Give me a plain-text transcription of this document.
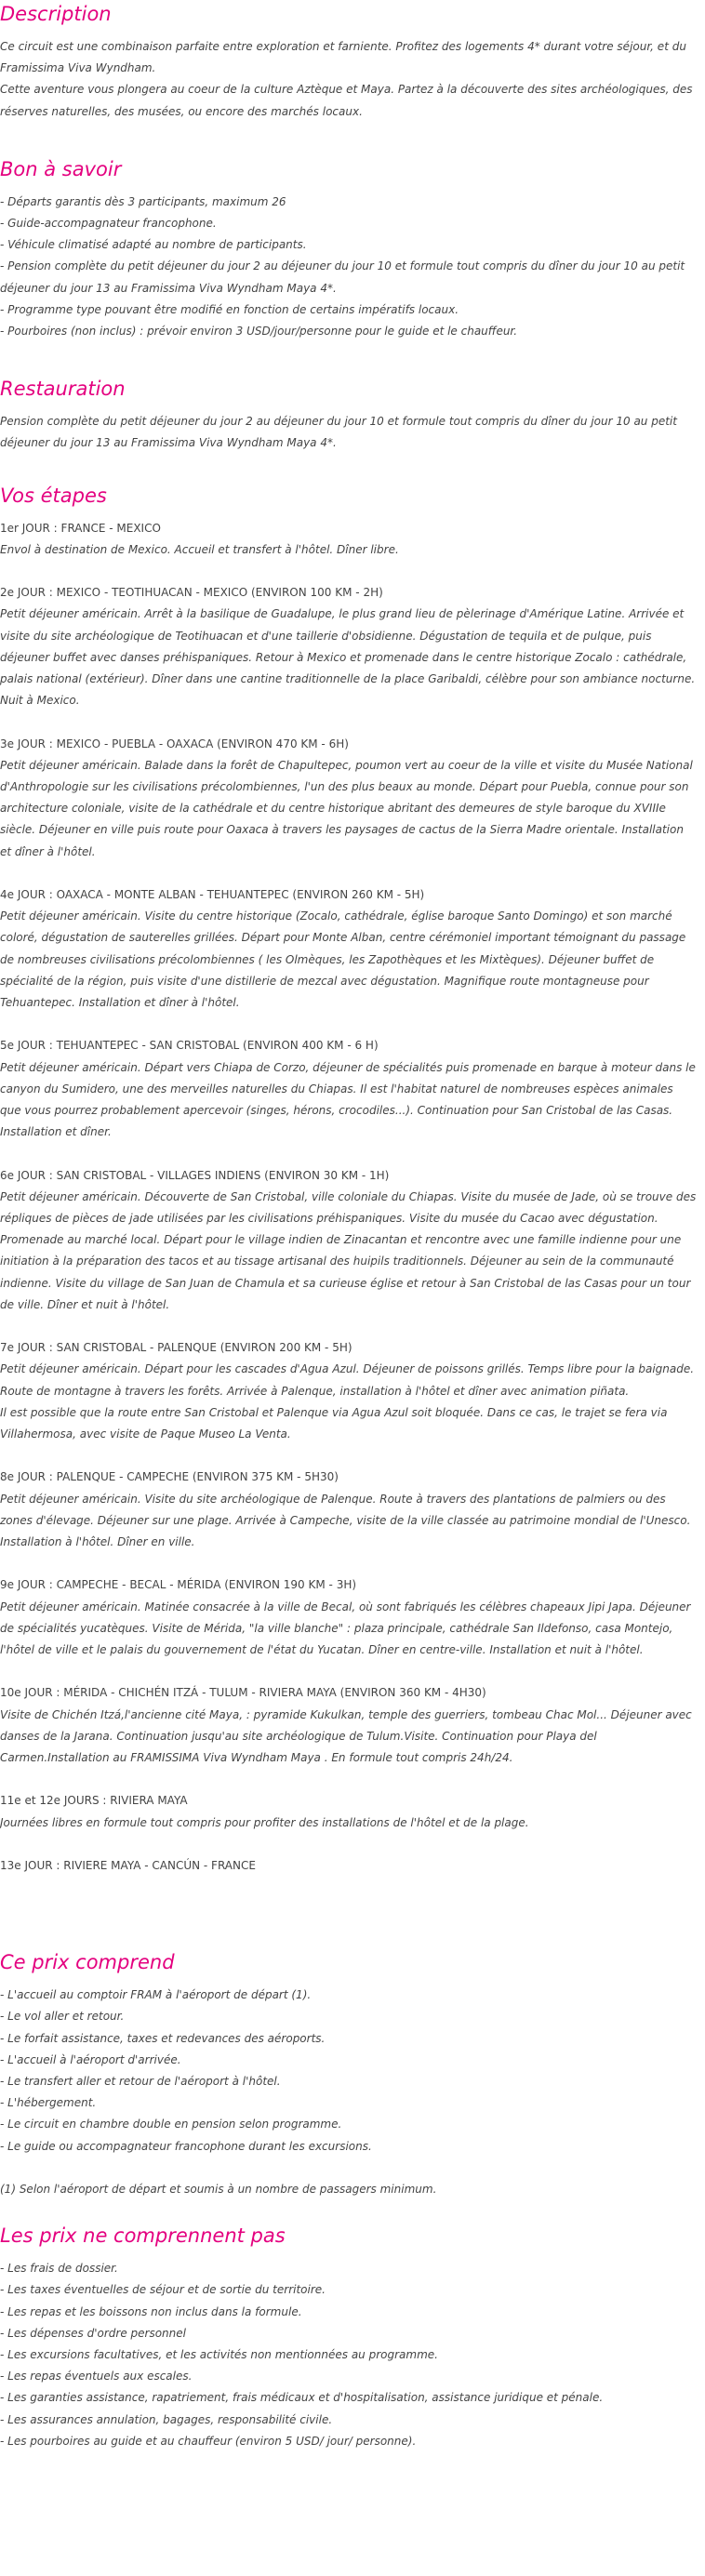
Description

Ce circuit est une combinaison parfaite entre exploration et farniente. Profitez des logements 4* durant votre séjour, et du Framissima Viva Wyndham.

Cette aventure vous plongera au coeur de la culture Aztèque et Maya. Partez à la découverte des sites archéologiques, des réserves naturelles, des musées, ou encore des marchés locaux.

Bon à savoir

- Départs garantis dès 3 participants, maximum 26

- Guide-accompagnateur francophone.

- Véhicule climatisé adapté au nombre de participants.

- Pension complète du petit déjeuner du jour 2 au déjeuner du jour 10 et formule tout compris du dîner du jour 10 au petit déjeuner du jour 13 au Framissima Viva Wyndham Maya 4*.

- Programme type pouvant être modifié en fonction de certains impératifs locaux.

- Pourboires (non inclus) : prévoir environ 3 USD/jour/personne pour le guide et le chauffeur.

Restauration

Pension complète du petit déjeuner du jour 2 au déjeuner du jour 10 et formule tout compris du dîner du jour 10 au petit déjeuner du jour 13 au Framissima Viva Wyndham Maya 4*.

Vos étapes

1er JOUR : FRANCE - MEXICO

Envol à destination de Mexico. Accueil et transfert à l'hôtel. Dîner libre.

2e JOUR : MEXICO - TEOTIHUACAN - MEXICO (ENVIRON 100 KM - 2H)

Petit déjeuner américain. Arrêt à la basilique de Guadalupe, le plus grand lieu de pèlerinage d'Amérique Latine. Arrivée et visite du site archéologique de Teotihuacan et d'une taillerie d'obsidienne. Dégustation de tequila et de pulque, puis déjeuner buffet avec danses préhispaniques. Retour à Mexico et promenade dans le centre historique Zocalo : cathédrale, palais national (extérieur). Dîner dans une cantine traditionnelle de la place Garibaldi, célèbre pour son ambiance nocturne. Nuit à Mexico.

3e JOUR : MEXICO - PUEBLA - OAXACA (ENVIRON 470 KM - 6H)

Petit déjeuner américain. Balade dans la forêt de Chapultepec, poumon vert au coeur de la ville et visite du Musée National d'Anthropologie sur les civilisations précolombiennes, l'un des plus beaux au monde. Départ pour Puebla, connue pour son architecture coloniale, visite de la cathédrale et du centre historique abritant des demeures de style baroque du XVIIIe siècle. Déjeuner en ville puis route pour Oaxaca à travers les paysages de cactus de la Sierra Madre orientale. Installation et dîner à l'hôtel.

4e JOUR : OAXACA - MONTE ALBAN - TEHUANTEPEC (ENVIRON 260 KM - 5H)

Petit déjeuner américain. Visite du centre historique (Zocalo, cathédrale, église baroque Santo Domingo) et son marché coloré, dégustation de sauterelles grillées. Départ pour Monte Alban, centre cérémoniel important témoignant du passage de nombreuses civilisations précolombiennes ( les Olmèques, les Zapothèques et les Mixtèques). Déjeuner buffet de spécialité de la région, puis visite d'une distillerie de mezcal avec dégustation. Magnifique route montagneuse pour Tehuantepec. Installation et dîner à l'hôtel.

5e JOUR : TEHUANTEPEC - SAN CRISTOBAL (ENVIRON 400 KM - 6 H)

Petit déjeuner américain. Départ vers Chiapa de Corzo, déjeuner de spécialités puis promenade en barque à moteur dans le canyon du Sumidero, une des merveilles naturelles du Chiapas. Il est l'habitat naturel de nombreuses espèces animales que vous pourrez probablement apercevoir (singes, hérons, crocodiles...). Continuation pour San Cristobal de las Casas. Installation et dîner.

6e JOUR : SAN CRISTOBAL - VILLAGES INDIENS (ENVIRON 30 KM - 1H)

Petit déjeuner américain. Découverte de San Cristobal, ville coloniale du Chiapas. Visite du musée de Jade, où se trouve des répliques de pièces de jade utilisées par les civilisations préhispaniques. Visite du musée du Cacao avec dégustation. Promenade au marché local. Départ pour le village indien de Zinacantan et rencontre avec une famille indienne pour une initiation à la préparation des tacos et au tissage artisanal des huipils traditionnels. Déjeuner au sein de la communauté indienne. Visite du village de San Juan de Chamula et sa curieuse église et retour à San Cristobal de las Casas pour un tour de ville. Dîner et nuit à l'hôtel.

7e JOUR : SAN CRISTOBAL - PALENQUE (ENVIRON 200 KM - 5H)

Petit déjeuner américain. Départ pour les cascades d'Agua Azul. Déjeuner de poissons grillés. Temps libre pour la baignade. Route de montagne à travers les forêts. Arrivée à Palenque, installation à l'hôtel et dîner avec animation piñata.

Il est possible que la route entre San Cristobal et Palenque via Agua Azul soit bloquée. Dans ce cas, le trajet se fera via Villahermosa, avec visite de Paque Museo La Venta.

8e JOUR : PALENQUE - CAMPECHE (ENVIRON 375 KM - 5H30)

Petit déjeuner américain. Visite du site archéologique de Palenque. Route à travers des plantations de palmiers ou des zones d'élevage. Déjeuner sur une plage. Arrivée à Campeche, visite de la ville classée au patrimoine mondial de l'Unesco. Installation à l'hôtel. Dîner en ville.

9e JOUR : CAMPECHE - BECAL - MÉRIDA (ENVIRON 190 KM - 3H)

Petit déjeuner américain. Matinée consacrée à la ville de Becal, où sont fabriqués les célèbres chapeaux Jipi Japa. Déjeuner de spécialités yucatèques. Visite de Mérida, "la ville blanche" : plaza principale, cathédrale San Ildefonso, casa Montejo, l'hôtel de ville et le palais du gouvernement de l'état du Yucatan. Dîner en centre-ville. Installation et nuit à l'hôtel.

10e JOUR : MÉRIDA - CHICHÉN ITZÁ - TULUM - RIVIERA MAYA (ENVIRON 360 KM - 4H30)

Visite de Chichén Itzá,l'ancienne cité Maya, : pyramide Kukulkan, temple des guerriers, tombeau Chac Mol... Déjeuner avec danses de la Jarana. Continuation jusqu'au site archéologique de Tulum.Visite. Continuation pour Playa del Carmen.Installation au FRAMISSIMA Viva Wyndham Maya . En formule tout compris 24h/24.

11e et 12e JOURS : RIVIERA MAYA

Journées libres en formule tout compris pour profiter des installations de l'hôtel et de la plage.

13e JOUR : RIVIERE MAYA - CANCÚN - FRANCE

Ce prix comprend

- L'accueil au comptoir FRAM à l'aéroport de départ (1).

- Le vol aller et retour.

- Le forfait assistance, taxes et redevances des aéroports.

- L'accueil à l'aéroport d'arrivée.

- Le transfert aller et retour de l'aéroport à l'hôtel.

- L'hébergement.

- Le circuit en chambre double en pension selon programme.

- Le guide ou accompagnateur francophone durant les excursions.

(1) Selon l'aéroport de départ et soumis à un nombre de passagers minimum.

Les prix ne comprennent pas

- Les frais de dossier.

- Les taxes éventuelles de séjour et de sortie du territoire.

- Les repas et les boissons non inclus dans la formule.

- Les dépenses d'ordre personnel

- Les excursions facultatives, et les activités non mentionnées au programme.

- Les repas éventuels aux escales.

- Les garanties assistance, rapatriement, frais médicaux et d'hospitalisation, assistance juridique et pénale.

- Les assurances annulation, bagages, responsabilité civile.

- Les pourboires au guide et au chauffeur (environ 5 USD/ jour/ personne).
